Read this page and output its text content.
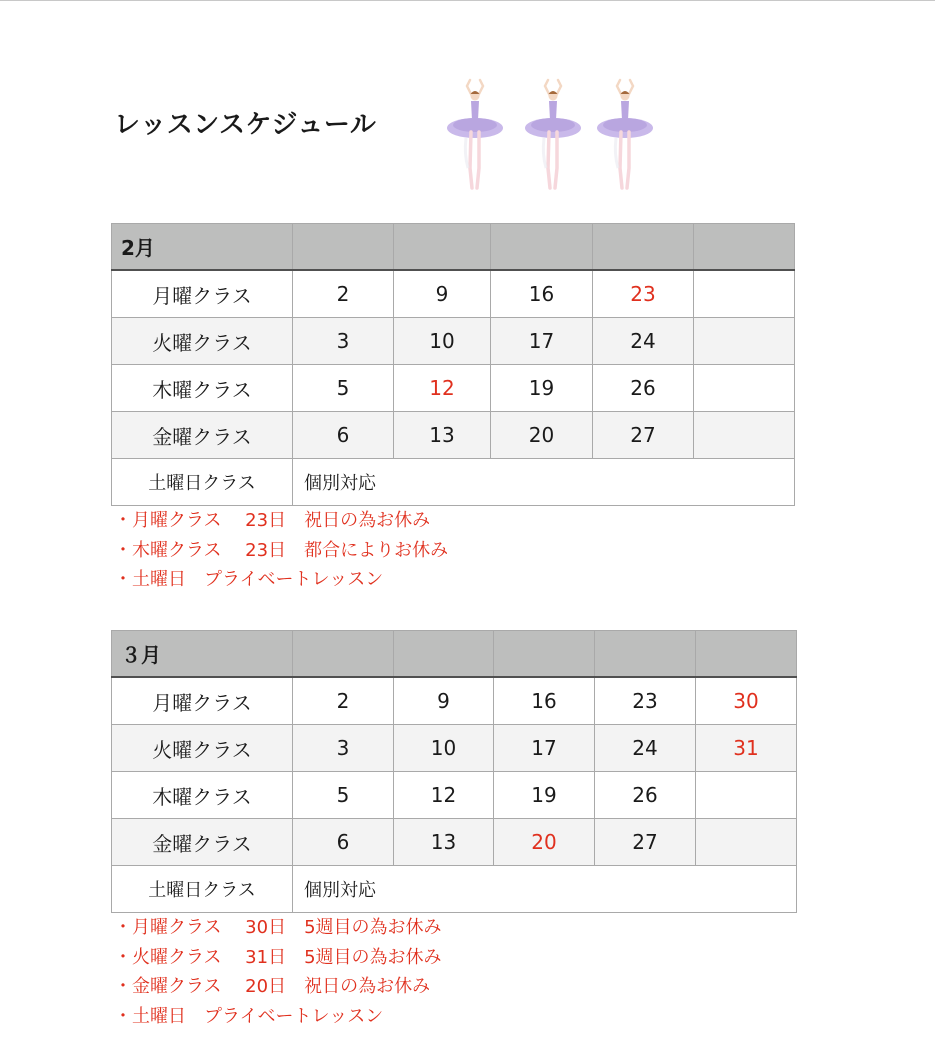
レッスンスケジュール
2月					
月曜クラス	2	9	16	23	
火曜クラス	3	10	17	24	
木曜クラス	5	12	19	26	
金曜クラス	6	13	20	27	
土曜日クラス	個別対応				
・月曜クラス　 23日　祝日の為お休み
・木曜クラス　 23日　都合によりお休み
・土曜日　プライベートレッスン
３月					
月曜クラス	2	9	16	23	30
火曜クラス	3	10	17	24	31
木曜クラス	5	12	19	26	
金曜クラス	6	13	20	27	
土曜日クラス	個別対応				
・月曜クラス　 30日　5週目の為お休み
・火曜クラス　 31日　5週目の為お休み
・金曜クラス　 20日　祝日の為お休み
・土曜日　プライベートレッスン
